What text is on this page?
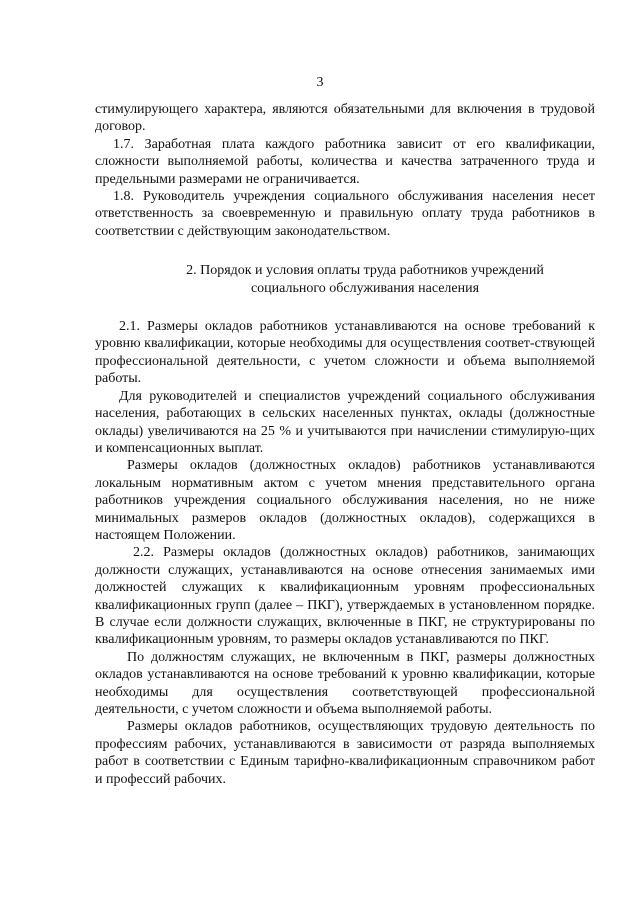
3

стимулирующего характера, являются обязательными для включения в трудовой договор.

1.7. Заработная плата каждого работника зависит от его квалификации, сложности выполняемой работы, количества и качества затраченного труда и предельными размерами не ограничивается.

1.8. Руководитель учреждения социального обслуживания населения несет ответственность за своевременную и правильную оплату труда работников в соответствии с действующим законодательством.

2. Порядок и условия оплаты труда работников учреждений
социального обслуживания населения

2.1. Размеры окладов работников устанавливаются на основе требований к уровню квалификации, которые необходимы для осуществления соответ-ствующей профессиональной деятельности, с учетом сложности и объема выполняемой работы.

Для руководителей и специалистов учреждений социального обслуживания населения, работающих в сельских населенных пунктах, оклады (должностные оклады) увеличиваются на 25 % и учитываются при начислении стимулирую-щих и компенсационных выплат.

Размеры окладов (должностных окладов) работников устанавливаются локальным нормативным актом с учетом мнения представительного органа работников учреждения социального обслуживания населения, но не ниже минимальных размеров окладов (должностных окладов), содержащихся в настоящем Положении.

2.2. Размеры окладов (должностных окладов) работников, занимающих должности служащих, устанавливаются на основе отнесения занимаемых ими должностей служащих к квалификационным уровням профессиональных квалификационных групп (далее – ПКГ), утверждаемых в установленном порядке. В случае если должности служащих, включенные в ПКГ, не структурированы по квалификационным уровням, то размеры окладов устанавливаются по ПКГ.

По должностям служащих, не включенным в ПКГ, размеры должностных окладов устанавливаются на основе требований к уровню квалификации, которые необходимы для осуществления соответствующей профессиональной деятельности, с учетом сложности и объема выполняемой работы.

Размеры окладов работников, осуществляющих трудовую деятельность по профессиям рабочих, устанавливаются в зависимости от разряда выполняемых работ в соответствии с Единым тарифно-квалификационным справочником работ и профессий рабочих.
